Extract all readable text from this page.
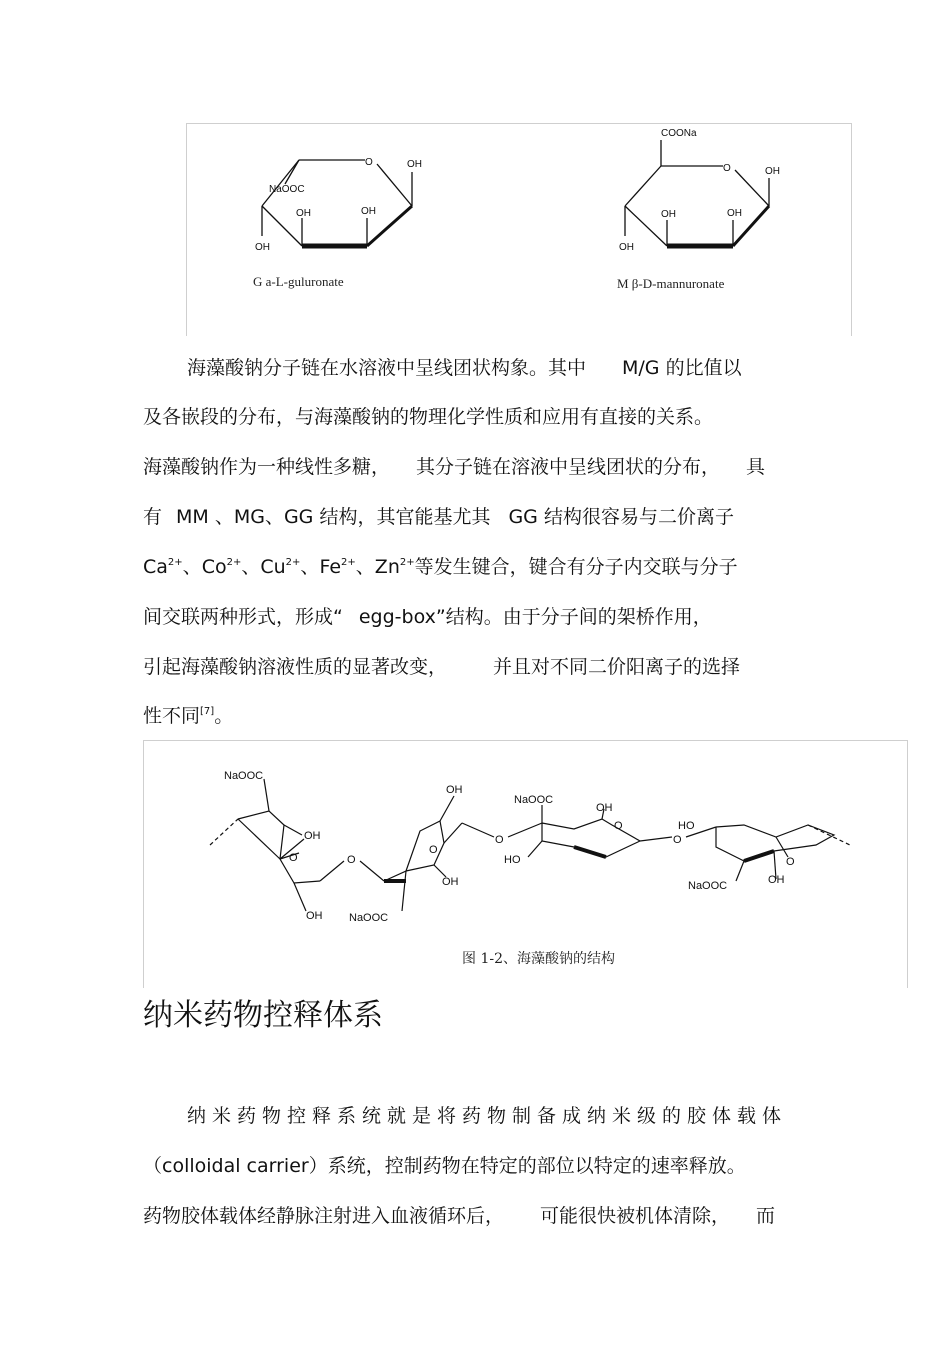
O	OH
NaOOC
OH	OH
OH
G a-L-guluronate
COONa
O	OH
OH	OH
OH
M β-D-mannuronate
海藻酸钠分子链在水溶液中呈线团状构象。其中 M/G 的比值以
及各嵌段的分布，与海藻酸钠的物理化学性质和应用有直接的关系。
海藻酸钠作为一种线性多糖， 其分子链在溶液中呈线团状的分布， 具
有 MM 、MG、GG 结构，其官能基尤其 GG 结构很容易与二价离子
$Ca^{2+}$、$Co^{2+}$、$Cu^{2+}$、$Fe^{2+}$、$Zn^{2+}$等发生键合，键合有分子内交联与分子
间交联两种形式，形成“ egg-box”结构。由于分子间的架桥作用，
引起海藻酸钠溶液性质的显著改变， 并且对不同二价阳离子的选择
性不同[7]。
NaOOC
OH
O
OH
O
OH
O
OH
NaOOC
O
NaOOC
OH
O
HO
O
HO
O
NaOOC	OH
图 1-2、海藻酸钠的结构
纳米药物控释体系
纳米药物控释系统就是将药物制备成纳米级的胶体载体
（colloidal carrier）系统，控制药物在特定的部位以特定的速率释放。
药物胶体载体经静脉注射进入血液循环后， 可能很快被机体清除， 而
